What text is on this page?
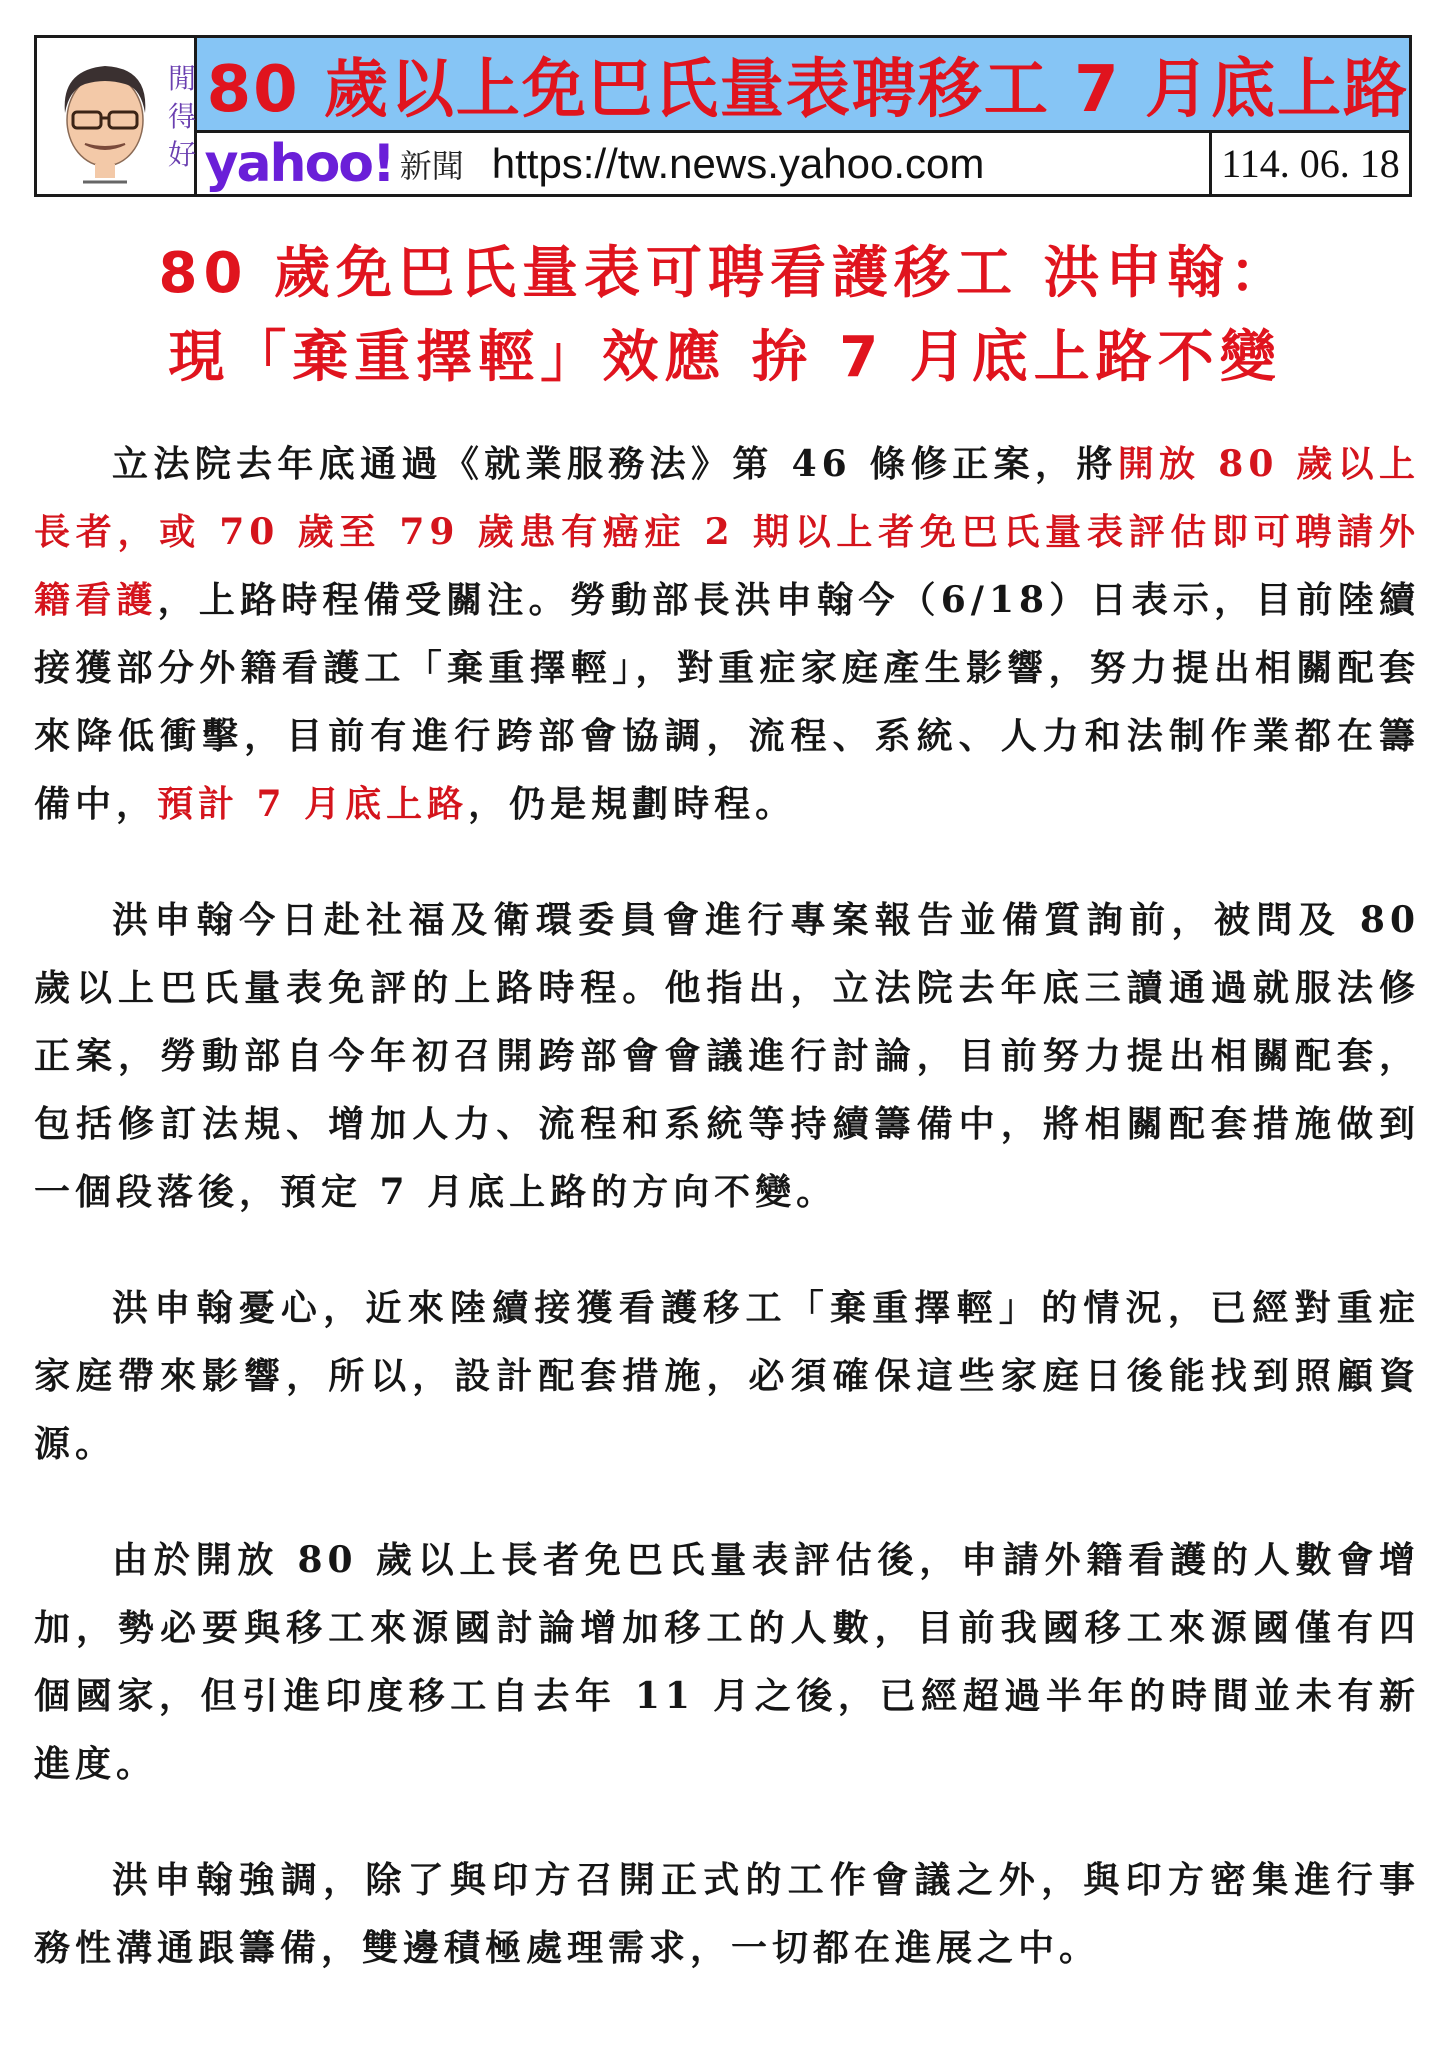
閒
得
好
80 歲以上免巴氏量表聘移工 7 月底上路
yahoo! 新聞 https://tw.news.yahoo.com	114. 06. 18
80 歲免巴氏量表可聘看護移工 洪申翰：
現「棄重擇輕」效應 拚 7 月底上路不變

立法院去年底通過《就業服務法》第 46 條修正案，將開放 80 歲以上長者，或 70 歲至 79 歲患有癌症 2 期以上者免巴氏量表評估即可聘請外籍看護，上路時程備受關注。勞動部長洪申翰今（6/18）日表示，目前陸續接獲部分外籍看護工「棄重擇輕」，對重症家庭產生影響，努力提出相關配套來降低衝擊，目前有進行跨部會協調，流程、系統、人力和法制作業都在籌備中，預計 7 月底上路，仍是規劃時程。

洪申翰今日赴社福及衛環委員會進行專案報告並備質詢前，被問及 80 歲以上巴氏量表免評的上路時程。他指出，立法院去年底三讀通過就服法修正案，勞動部自今年初召開跨部會會議進行討論，目前努力提出相關配套，包括修訂法規、增加人力、流程和系統等持續籌備中，將相關配套措施做到一個段落後，預定 7 月底上路的方向不變。

洪申翰憂心，近來陸續接獲看護移工「棄重擇輕」的情況，已經對重症家庭帶來影響，所以，設計配套措施，必須確保這些家庭日後能找到照顧資源。

由於開放 80 歲以上長者免巴氏量表評估後，申請外籍看護的人數會增加，勢必要與移工來源國討論增加移工的人數，目前我國移工來源國僅有四個國家，但引進印度移工自去年 11 月之後，已經超過半年的時間並未有新進度。

洪申翰強調，除了與印方召開正式的工作會議之外，與印方密集進行事務性溝通跟籌備，雙邊積極處理需求，一切都在進展之中。
